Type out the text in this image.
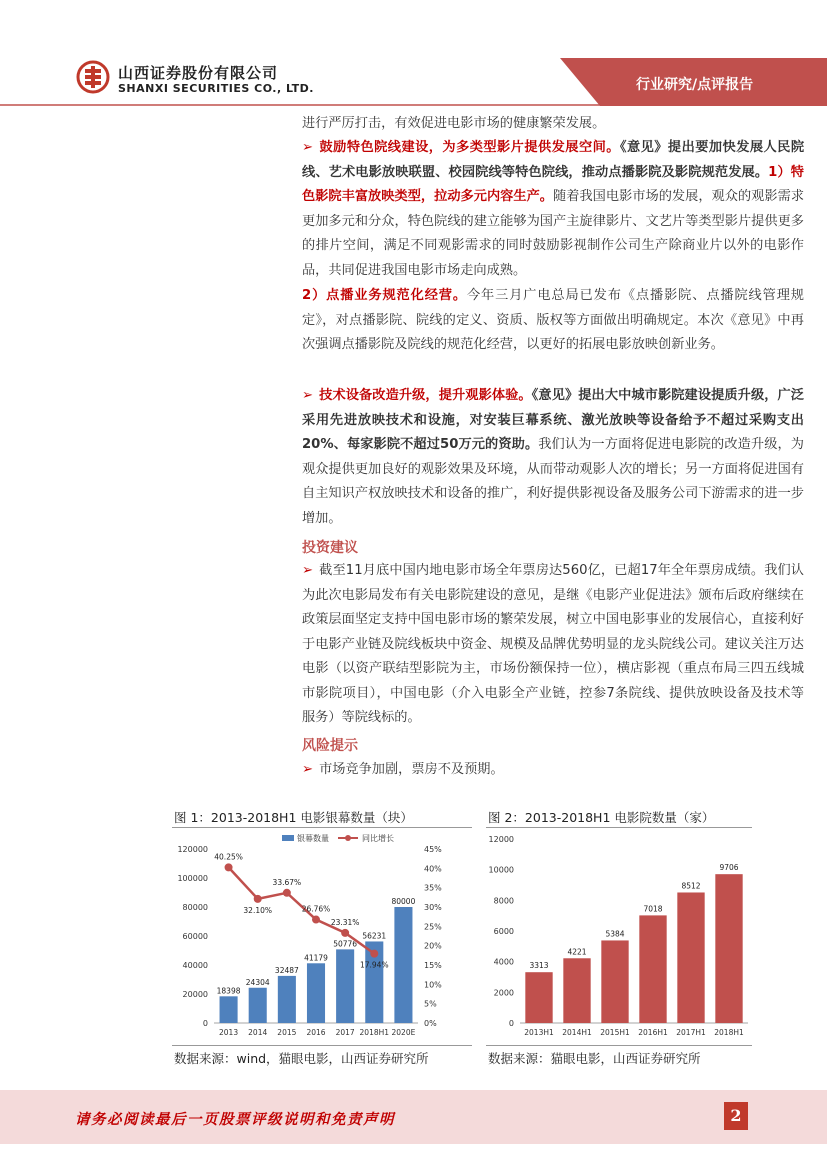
山西证券股份有限公司
SHANXI SECURITIES CO., LTD.	行业研究/点评报告
进行严厉打击，有效促进电影市场的健康繁荣发展。
➢ 鼓励特色院线建设，为多类型影片提供发展空间。《意见》提出要加快发展人民院线、艺术电影放映联盟、校园院线等特色院线，推动点播影院及影院规范发展。1）特色影院丰富放映类型，拉动多元内容生产。随着我国电影市场的发展，观众的观影需求更加多元和分众，特色院线的建立能够为国产主旋律影片、文艺片等类型影片提供更多的排片空间，满足不同观影需求的同时鼓励影视制作公司生产除商业片以外的电影作品，共同促进我国电影市场走向成熟。
2）点播业务规范化经营。今年三月广电总局已发布《点播影院、点播院线管理规定》，对点播影院、院线的定义、资质、版权等方面做出明确规定。本次《意见》中再次强调点播影院及院线的规范化经营，以更好的拓展电影放映创新业务。
➢ 技术设备改造升级，提升观影体验。《意见》提出大中城市影院建设提质升级，广泛采用先进放映技术和设施，对安装巨幕系统、激光放映等设备给予不超过采购支出20%、每家影院不超过50万元的资助。我们认为一方面将促进电影院的改造升级，为观众提供更加良好的观影效果及环境，从而带动观影人次的增长；另一方面将促进国有自主知识产权放映技术和设备的推广，利好提供影视设备及服务公司下游需求的进一步增加。
投资建议
➢ 截至11月底中国内地电影市场全年票房达560亿，已超17年全年票房成绩。我们认为此次电影局发布有关电影院建设的意见，是继《电影产业促进法》颁布后政府继续在政策层面坚定支持中国电影市场的繁荣发展，树立中国电影事业的发展信心，直接利好于电影产业链及院线板块中资金、规模及品牌优势明显的龙头院线公司。建议关注万达电影（以资产联结型影院为主，市场份额保持一位），横店影视（重点布局三四五线城市影院项目），中国电影（介入电影全产业链，控参7条院线、提供放映设备及技术等服务）等院线标的。
风险提示
➢ 市场竞争加剧，票房不及预期。
图 1：2013-2018H1 电影银幕数量（块）
银幕数量	同比增长
0
20000
40000
60000
80000
100000
120000
0%
5%
10%
15%
20%
25%
30%
35%
40%
45%
18398
2013
24304
2014
32487
2015
41179
2016
50776
2017
56231
2018H1
80000
2020E
40.25%
32.10%
33.67%
26.76%
23.31%
17.94%
数据来源：wind，猫眼电影，山西证券研究所
图 2：2013-2018H1 电影院数量（家）
0
2000
4000
6000
8000
10000
12000
3313
2013H1
4221
2014H1
5384
2015H1
7018
2016H1
8512
2017H1
9706
2018H1
数据来源：猫眼电影，山西证券研究所
请务必阅读最后一页股票评级说明和免责声明	2
